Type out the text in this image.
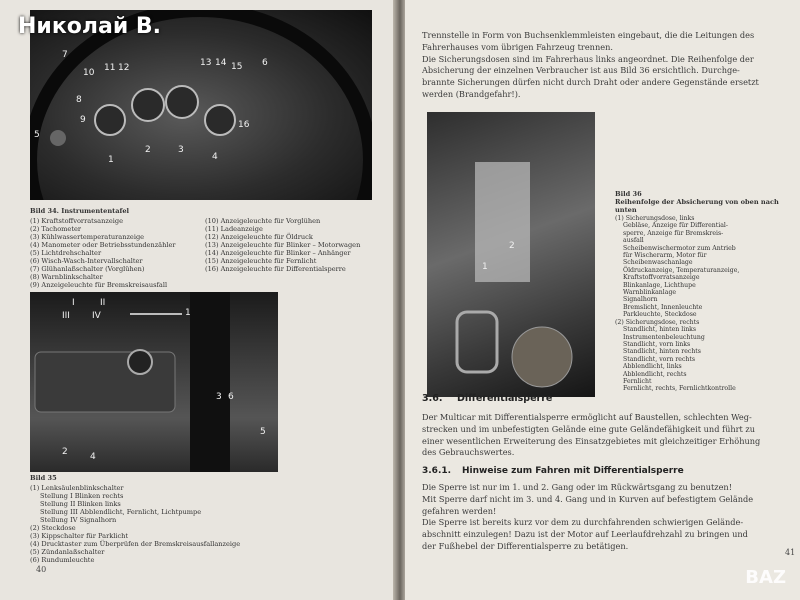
Николай В.
7
10 11 12	13 14 15 6
9
5
16
8
1
2	3
4
Bild 34. Instrumententafel
(1) Kraftstoffvorratsanzeige
(2) Tachometer
(3) Kühlwassertemperaturanzeige
(4) Manometer oder Betriebsstundenzähler
(5) Lichtdrehschalter
(6) Wisch-Wasch-Intervallschalter
(7) Glühanlaßschalter (Vorglühen)
(8) Warnblinkschalter
(9) Anzeigeleuchte für Bremskreisausfall
(10) Anzeigeleuchte für Vorglühen
(11) Ladeanzeige
(12) Anzeigeleuchte für Öldruck
(13) Anzeigeleuchte für Blinker – Motorwagen
(14) Anzeigeleuchte für Blinker – Anhänger
(15) Anzeigeleuchte für Fernlicht
(16) Anzeigeleuchte für Differentialsperre
I	II
III IV	1
3 6
5
2 4
Bild 35
(1) Lenksäulenblinkschalter
Stellung I Blinken rechts
Stellung II Blinken links
Stellung III Abblendlicht, Fernlicht, Lichtpumpe
Stellung IV Signalhorn
(2) Steckdose
(3) Kippschalter für Parklicht
(4) Drucktaster zum Überprüfen der Bremskreisausfallanzeige
(5) Zündanlaßschalter
(6) Rundumleuchte
40
Trennstelle in Form von Buchsenklemmleisten eingebaut, die die Leitungen des
Fahrerhauses vom übrigen Fahrzeug trennen.
Die Sicherungsdosen sind im Fahrerhaus links angeordnet. Die Reihenfolge der
Absicherung der einzelnen Verbraucher ist aus Bild 36 ersichtlich. Durchge-
brannte Sicherungen dürfen nicht durch Draht oder andere Gegenstände ersetzt
werden (Brandgefahr!).
1
2
Bild 36
Reihenfolge der Absicherung von oben nach unten
(1) Sicherungsdose, links
Gebläse, Anzeige für Differential-
sperre, Anzeige für Bremskreis-
ausfall
Scheibenwischermotor zum Antrieb
für Wischerarm, Motor für
Scheibenwaschanlage
Öldruckanzeige, Temperaturanzeige,
Kraftstoffvorratsanzeige
Blinkanlage, Lichthupe
Warnblinkanlage
Signalhorn
Bremslicht, Innenleuchte
Parkleuchte, Steckdose
(2) Sicherungsdose, rechts
Standlicht, hinten links
Instrumentenbeleuchtung
Standlicht, vorn links
Standlicht, hinten rechts
Standlicht, vorn rechts
Abblendlicht, links
Abblendlicht, rechts
Fernlicht
Fernlicht, rechts, Fernlichtkontrolle
3.6. Differentialsperre
Der Multicar mit Differentialsperre ermöglicht auf Baustellen, schlechten Weg-
strecken und im unbefestigten Gelände eine gute Geländefähigkeit und führt zu
einer wesentlichen Erweiterung des Einsatzgebietes mit gleichzeitiger Erhöhung
des Gebrauchswertes.
3.6.1. Hinweise zum Fahren mit Differentialsperre
Die Sperre ist nur im 1. und 2. Gang oder im Rückwärtsgang zu benutzen!
Mit Sperre darf nicht im 3. und 4. Gang und in Kurven auf befestigtem Gelände
gefahren werden!
Die Sperre ist bereits kurz vor dem zu durchfahrenden schwierigen Gelände-
abschnitt einzulegen! Dazu ist der Motor auf Leerlaufdrehzahl zu bringen und
der Fußhebel der Differentialsperre zu betätigen.
41
BAZ
